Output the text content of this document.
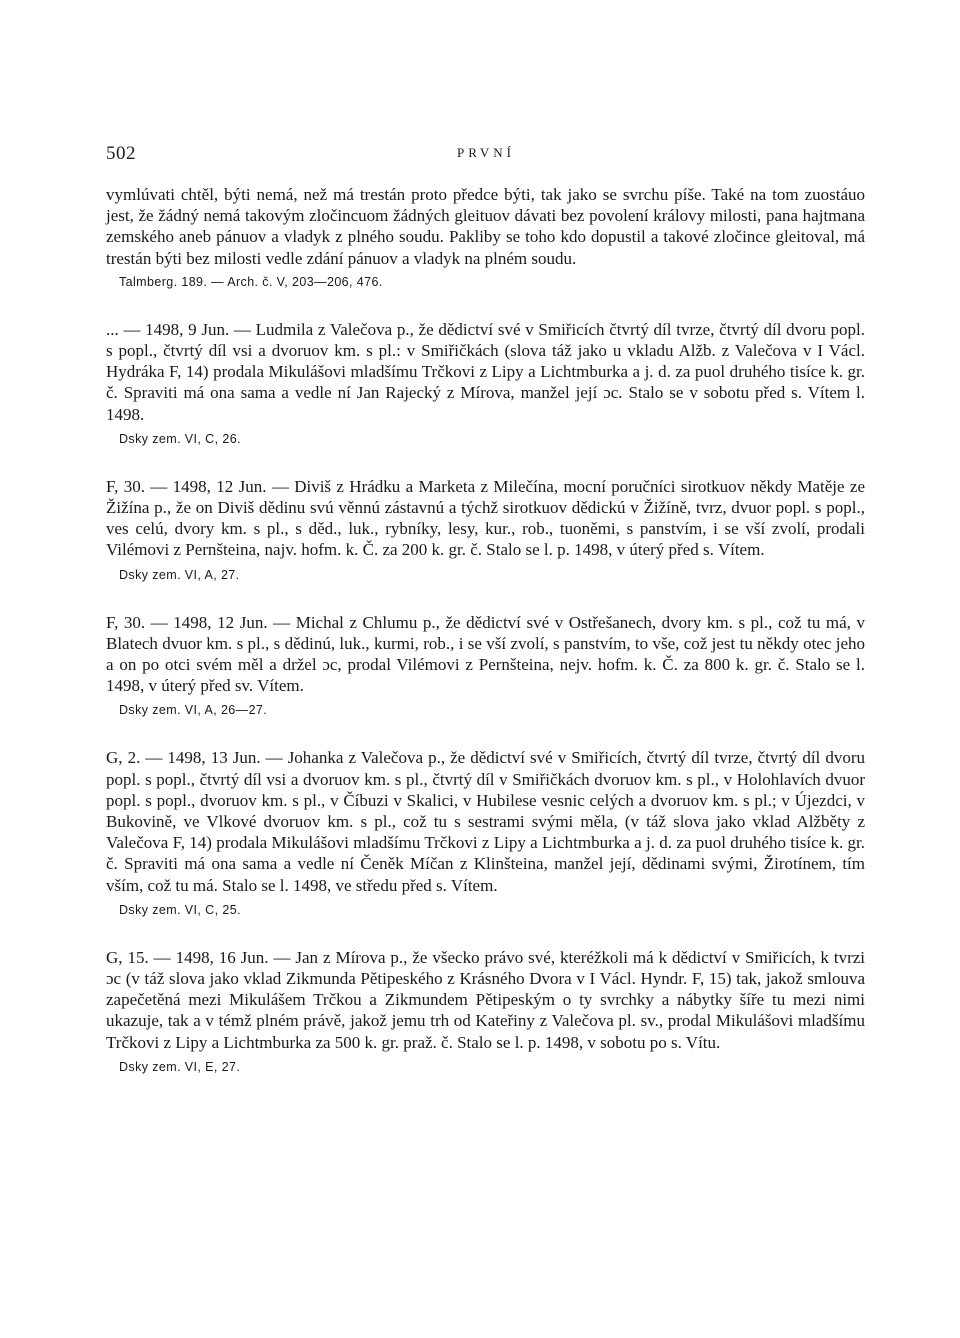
502	PRVNÍ

vymlúvati chtěl, býti nemá, než má trestán proto předce býti, tak jako se svrchu píše. Také na tom zuostáuo jest, že žádný nemá takovým zločincuom žádných gleituov dávati bez povolení královy milosti, pana hajtmana zemského aneb pánuov a vladyk z plného soudu. Pakliby se toho kdo dopustil a takové zločince gleitoval, má trestán býti bez milosti vedle zdání pánuov a vladyk na plném soudu.

Talmberg. 189. — Arch. č. V, 203—206, 476.

... — 1498, 9 Jun. — Ludmila z Valečova p., že dědictví své v Smiřicích čtvrtý díl tvrze, čtvrtý díl dvoru popl. s popl., čtvrtý díl vsi a dvoruov km. s pl.: v Smiřičkách (slova táž jako u vkladu Alžb. z Valečova v I Václ. Hydráka F, 14) prodala Mikulášovi mladšímu Trčkovi z Lipy a Lichtmburka a j. d. za puol druhého tisíce k. gr. č. Spraviti má ona sama a vedle ní Jan Rajecký z Mírova, manžel její ɔc. Stalo se v sobotu před s. Vítem l. 1498.

Dsky zem. VI, C, 26.

F, 30. — 1498, 12 Jun. — Diviš z Hrádku a Marketa z Milečína, mocní poručníci sirotkuov někdy Matěje ze Žižína p., že on Diviš dědinu svú věnnú zástavnú a týchž sirotkuov dědickú v Žižíně, tvrz, dvuor popl. s popl., ves celú, dvory km. s pl., s děd., luk., rybníky, lesy, kur., rob., tuoněmi, s panstvím, i se vší zvolí, prodali Vilémovi z Pernšteina, najv. hofm. k. Č. za 200 k. gr. č. Stalo se l. p. 1498, v úterý před s. Vítem.

Dsky zem. VI, A, 27.

F, 30. — 1498, 12 Jun. — Michal z Chlumu p., že dědictví své v Ostřešanech, dvory km. s pl., což tu má, v Blatech dvuor km. s pl., s dědinú, luk., kurmi, rob., i se vší zvolí, s panstvím, to vše, což jest tu někdy otec jeho a on po otci svém měl a držel ɔc, prodal Vilémovi z Pernšteina, nejv. hofm. k. Č. za 800 k. gr. č. Stalo se l. 1498, v úterý před sv. Vítem.

Dsky zem. VI, A, 26—27.

G, 2. — 1498, 13 Jun. — Johanka z Valečova p., že dědictví své v Smiřicích, čtvrtý díl tvrze, čtvrtý díl dvoru popl. s popl., čtvrtý díl vsi a dvoruov km. s pl., čtvrtý díl v Smiřičkách dvoruov km. s pl., v Holohlavích dvuor popl. s popl., dvoruov km. s pl., v Číbuzi v Skalici, v Hubilese vesnic celých a dvoruov km. s pl.; v Újezdci, v Bukovině, ve Vlkové dvoruov km. s pl., což tu s sestrami svými měla, (v táž slova jako vklad Alžběty z Valečova F, 14) prodala Mikulášovi mladšímu Trčkovi z Lipy a Lichtmburka a j. d. za puol druhého tisíce k. gr. č. Spraviti má ona sama a vedle ní Čeněk Míčan z Klinšteina, manžel její, dědinami svými, Žirotínem, tím vším, což tu má. Stalo se l. 1498, ve středu před s. Vítem.

Dsky zem. VI, C, 25.

G, 15. — 1498, 16 Jun. — Jan z Mírova p., že všecko právo své, kteréžkoli má k dědictví v Smiřicích, k tvrzi ɔc (v táž slova jako vklad Zikmunda Pětipeského z Krásného Dvora v I Václ. Hyndr. F, 15) tak, jakož smlouva zapečetěná mezi Mikulášem Trčkou a Zikmundem Pětipeským o ty svrchky a nábytky šíře tu mezi nimi ukazuje, tak a v témž plném právě, jakož jemu trh od Kateřiny z Valečova pl. sv., prodal Mikulášovi mladšímu Trčkovi z Lipy a Lichtmburka za 500 k. gr. praž. č. Stalo se l. p. 1498, v sobotu po s. Vítu.

Dsky zem. VI, E, 27.
